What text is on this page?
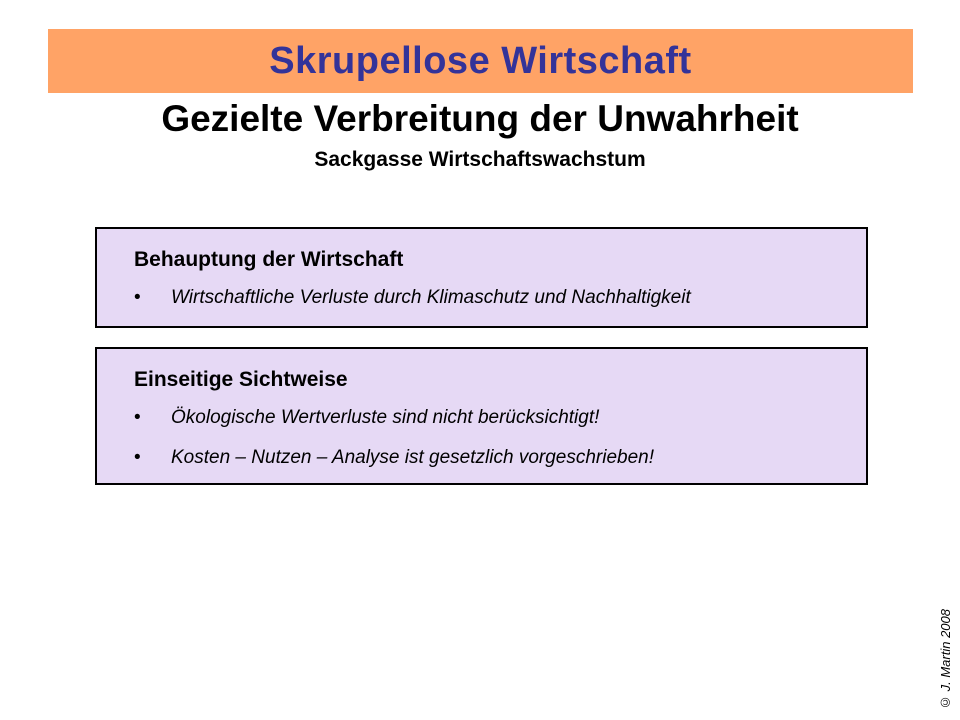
Skrupellose Wirtschaft
Gezielte Verbreitung der Unwahrheit
Sackgasse Wirtschaftswachstum
Behauptung der Wirtschaft
•	Wirtschaftliche Verluste durch Klimaschutz und Nachhaltigkeit
Einseitige Sichtweise
•	Ökologische Wertverluste sind nicht berücksichtigt!
•	Kosten – Nutzen – Analyse ist gesetzlich vorgeschrieben!
© J. Martin 2008
